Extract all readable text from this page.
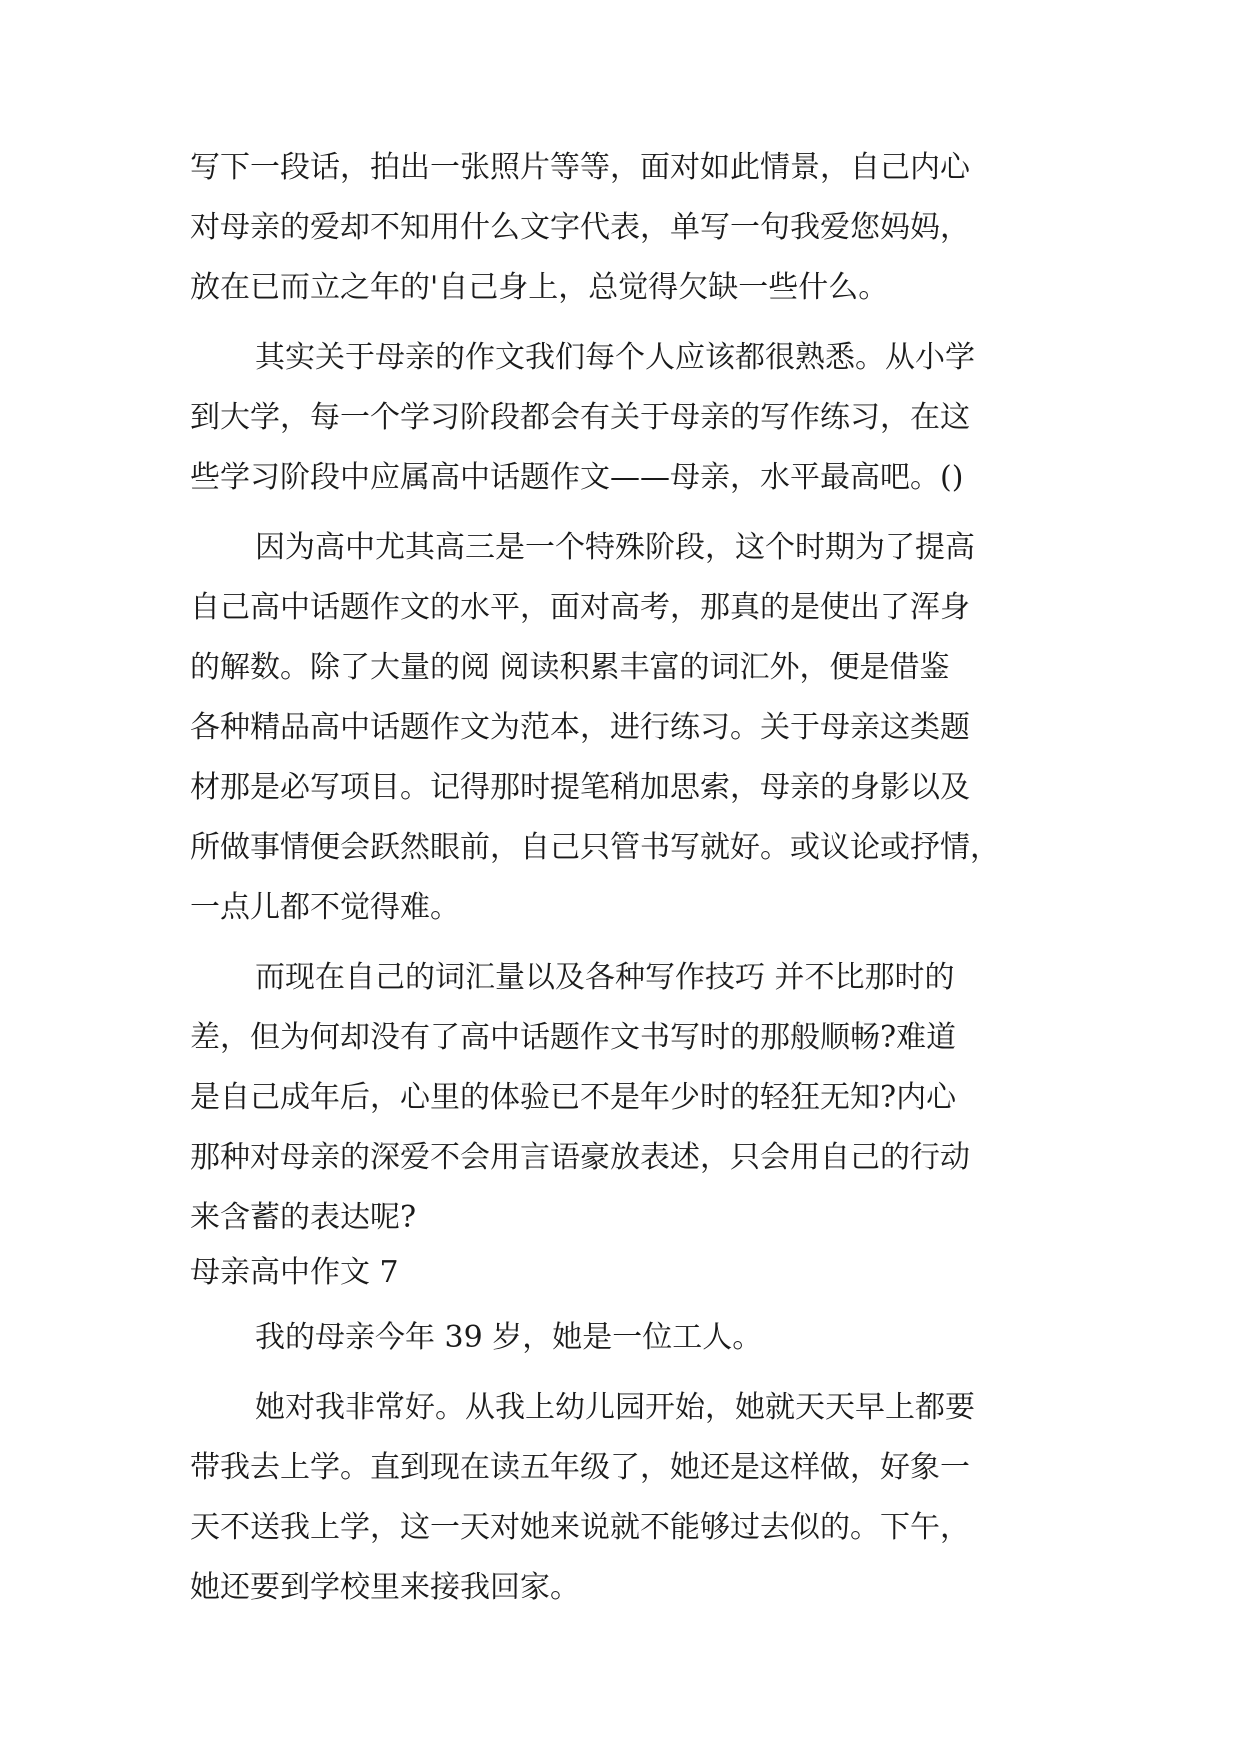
写下一段话，拍出一张照片等等，面对如此情景，自己内心
对母亲的爱却不知用什么文字代表，单写一句我爱您妈妈，
放在已而立之年的'自己身上，总觉得欠缺一些什么。
其实关于母亲的作文我们每个人应该都很熟悉。从小学
到大学，每一个学习阶段都会有关于母亲的写作练习，在这
些学习阶段中应属高中话题作文——母亲，水平最高吧。()
因为高中尤其高三是一个特殊阶段，这个时期为了提高
自己高中话题作文的水平，面对高考，那真的是使出了浑身
的解数。除了大量的阅 阅读积累丰富的词汇外，便是借鉴
各种精品高中话题作文为范本，进行练习。关于母亲这类题
材那是必写项目。记得那时提笔稍加思索，母亲的身影以及
所做事情便会跃然眼前，自己只管书写就好。或议论或抒情，
一点儿都不觉得难。
而现在自己的词汇量以及各种写作技巧 并不比那时的
差，但为何却没有了高中话题作文书写时的那般顺畅?难道
是自己成年后，心里的体验已不是年少时的轻狂无知?内心
那种对母亲的深爱不会用言语豪放表述，只会用自己的行动
来含蓄的表达呢?
母亲高中作文 7
我的母亲今年 39 岁，她是一位工人。
她对我非常好。从我上幼儿园开始，她就天天早上都要
带我去上学。直到现在读五年级了，她还是这样做，好象一
天不送我上学，这一天对她来说就不能够过去似的。下午，
她还要到学校里来接我回家。
